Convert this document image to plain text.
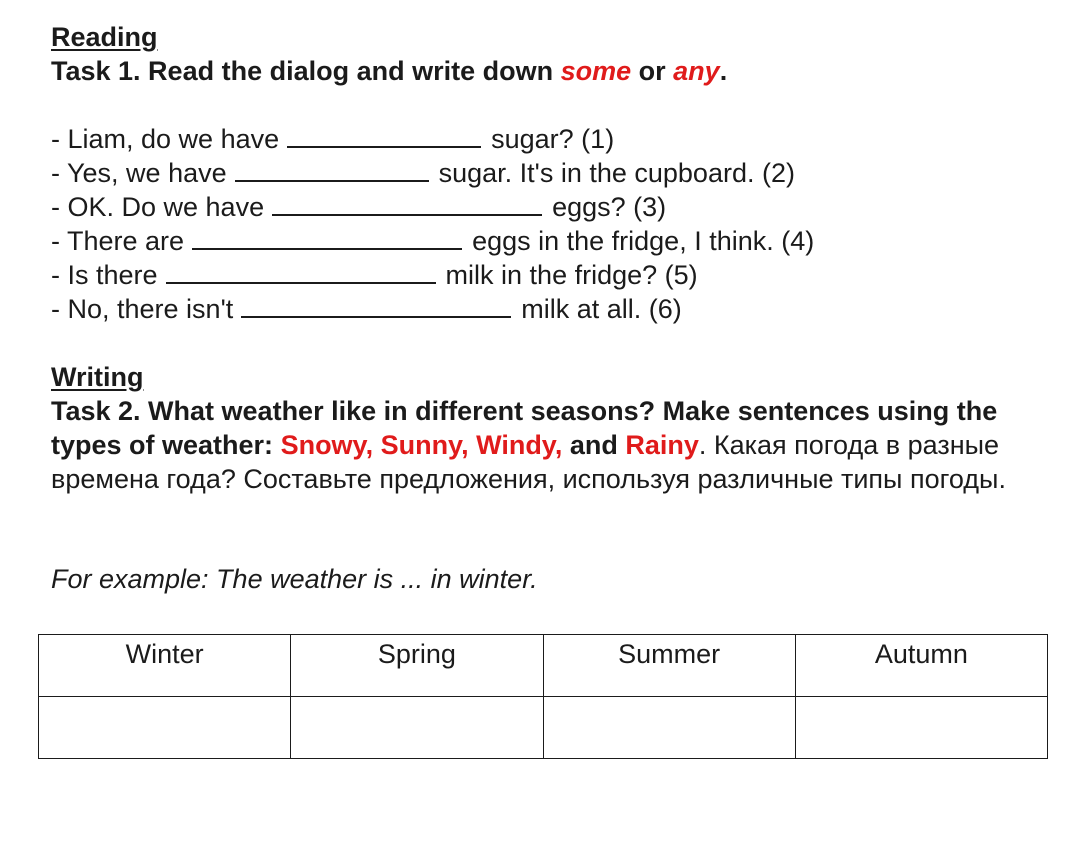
Reading
Task 1. Read the dialog and write down some or any.
- Liam, do we have	sugar? (1)
- Yes, we have	sugar. It's in the cupboard. (2)
- OK. Do we have	eggs? (3)
- There are	eggs in the fridge, I think. (4)
- Is there	milk in the fridge? (5)
- No, there isn't	milk at all. (6)
Writing
Task 2. What weather like in different seasons? Make sentences using the
types of weather: Snowy, Sunny, Windy, and Rainy. Какая погода в разные времена года? Составьте предложения, используя различные типы погоды.
For example: The weather is ... in winter.
Winter	Spring	Summer	Autumn
